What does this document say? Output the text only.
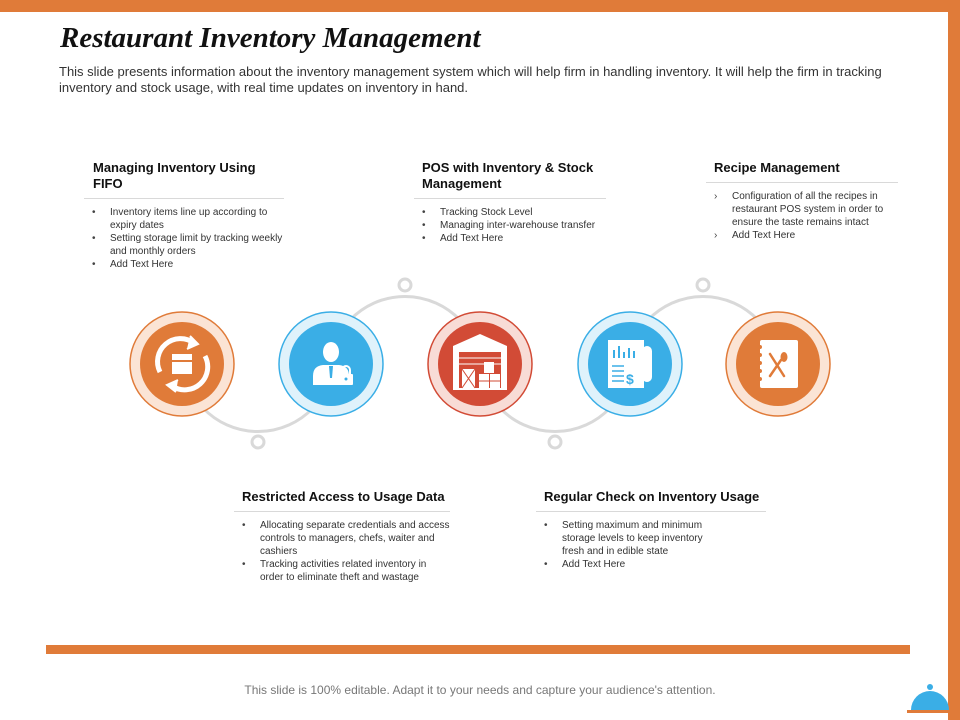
Restaurant Inventory Management

This slide presents information about the inventory management system which will help firm in handling inventory. It will help the firm in tracking inventory and stock usage, with real time updates on inventory in hand.

Managing Inventory Using FIFO
• Inventory items line up according to expiry dates
• Setting storage limit by tracking weekly and monthly orders
• Add Text Here
POS with Inventory & Stock Management
• Tracking Stock Level
• Managing inter-warehouse transfer
• Add Text Here
Recipe Management
› Configuration of all the recipes in restaurant POS system in order to ensure the taste remains intact
› Add Text Here
Restricted Access to Usage Data
• Allocating separate credentials and access controls to managers, chefs, waiter and cashiers
• Tracking activities related inventory in order to eliminate theft and wastage
Regular Check on Inventory Usage
• Setting maximum and minimum storage levels to keep inventory fresh and in edible state
• Add Text Here
$

This slide is 100% editable. Adapt it to your needs and capture your audience's attention.
